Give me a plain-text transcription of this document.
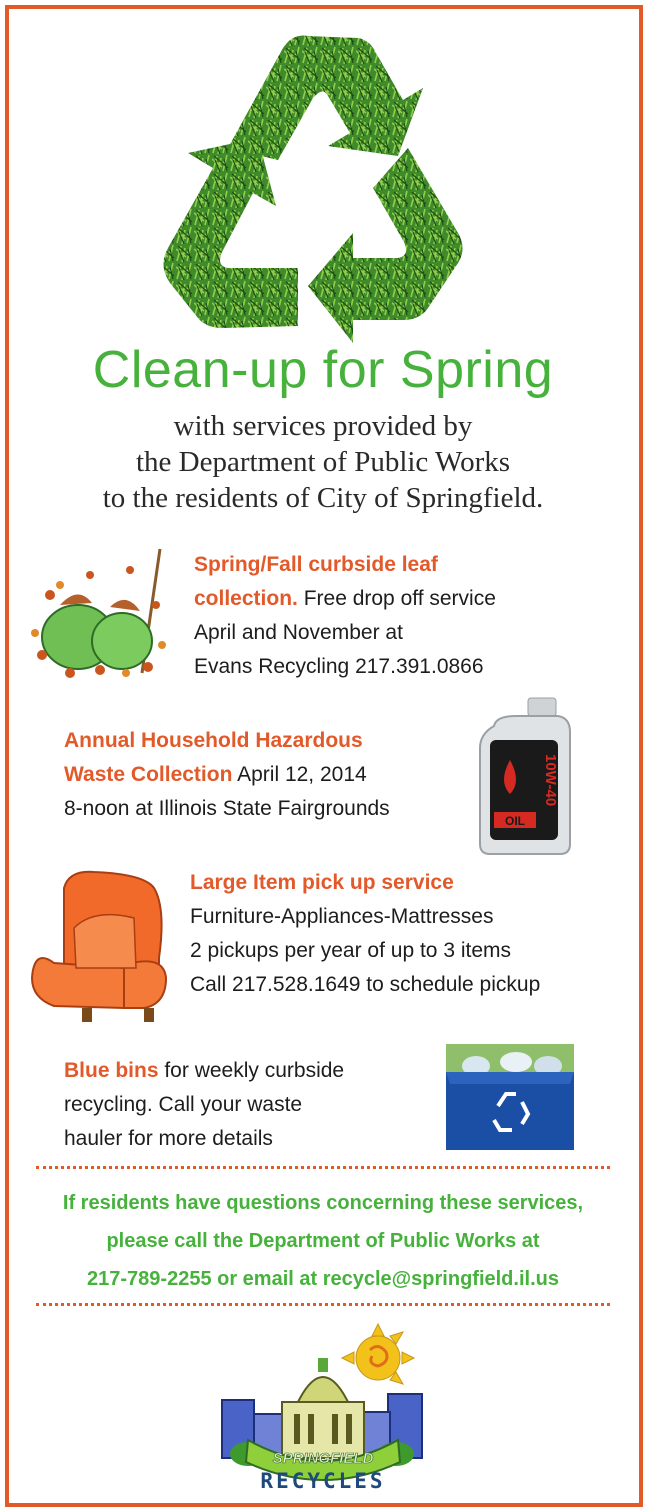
Clean-up for Spring
with services provided by
the Department of Public Works
to the residents of City of Springfield.
Spring/Fall curbside leaf
collection. Free drop off service
April and November at
Evans Recycling 217.391.0866
Annual Household Hazardous
Waste Collection April 12, 2014
8-noon at Illinois State Fairgrounds
10W-40
OIL
Large Item pick up service
Furniture-Appliances-Mattresses
2 pickups per year of up to 3 items
Call 217.528.1649 to schedule pickup
Blue bins for weekly curbside
recycling. Call your waste
hauler for more details
If residents have questions concerning these services,
please call the Department of Public Works at
217-789-2255 or email at recycle@springfield.il.us
SPRINGFIELD
RECYCLES
